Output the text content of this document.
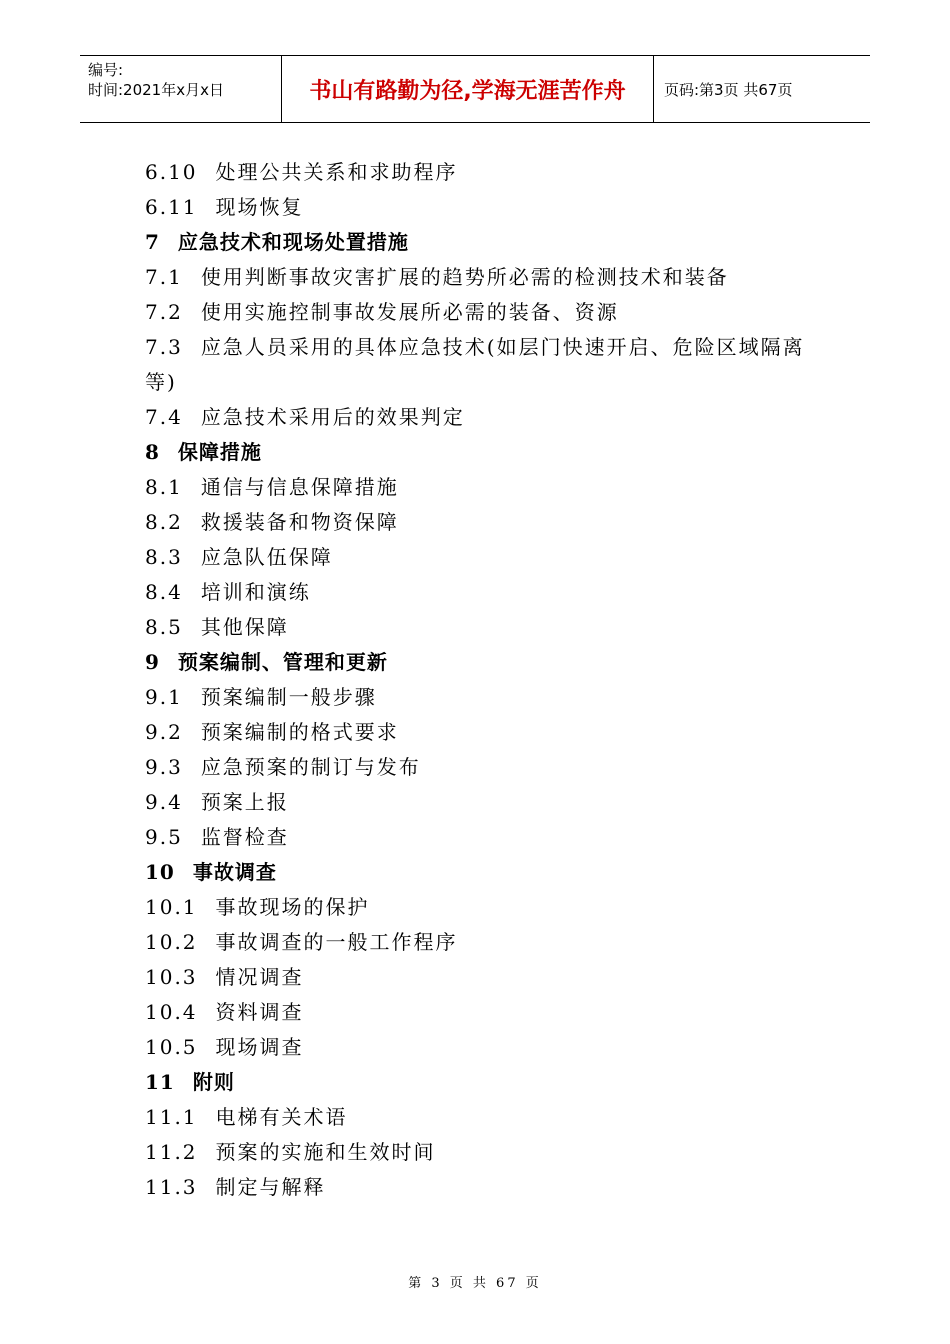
编号:
时间:2021年x月x日	书山有路勤为径,学海无涯苦作舟	页码:第3页 共67页
6.10 处理公共关系和求助程序
6.11 现场恢复
7 应急技术和现场处置措施
7.1 使用判断事故灾害扩展的趋势所必需的检测技术和装备
7.2 使用实施控制事故发展所必需的装备、资源
7.3 应急人员采用的具体应急技术(如层门快速开启、危险区域隔离等)
7.4 应急技术采用后的效果判定
8 保障措施
8.1 通信与信息保障措施
8.2 救援装备和物资保障
8.3 应急队伍保障
8.4 培训和演练
8.5 其他保障
9 预案编制、管理和更新
9.1 预案编制一般步骤
9.2 预案编制的格式要求
9.3 应急预案的制订与发布
9.4 预案上报
9.5 监督检查
10 事故调查
10.1 事故现场的保护
10.2 事故调查的一般工作程序
10.3 情况调查
10.4 资料调查
10.5 现场调查
11 附则
11.1 电梯有关术语
11.2 预案的实施和生效时间
11.3 制定与解释
第 3 页 共 67 页
